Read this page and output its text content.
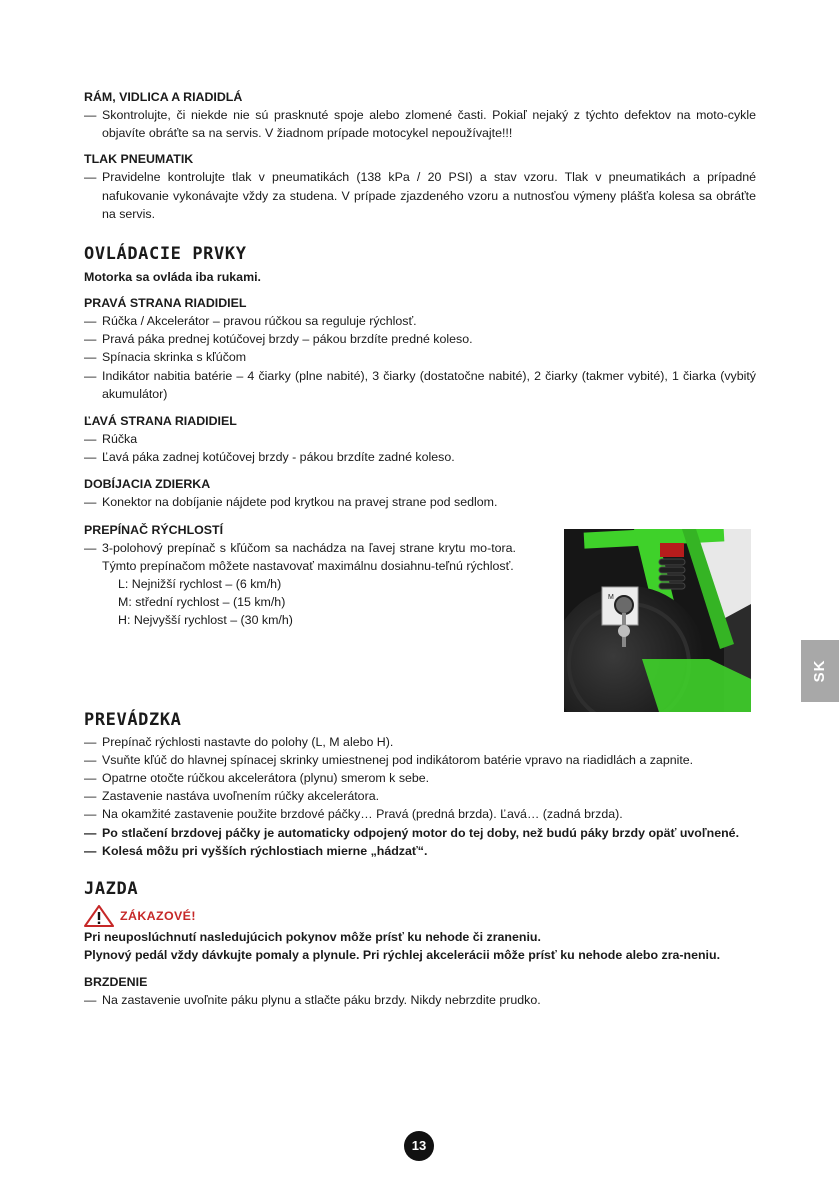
RÁM, VIDLICA A RIADIDLÁ

— Skontrolujte, či niekde nie sú prasknuté spoje alebo zlomené časti. Pokiaľ nejaký z týchto defektov na moto-cykle objavíte obráťte sa na servis. V žiadnom prípade motocykel nepoužívajte!!!

TLAK PNEUMATIK

— Pravidelne kontrolujte tlak v pneumatikách (138 kPa / 20 PSI) a stav vzoru. Tlak v pneumatikách a prípadné nafukovanie vykonávajte vždy za studena. V prípade zjazdeného vzoru a nutnosťou výmeny plášťa kolesa sa obráťte na servis.

OVLÁDACIE PRVKY

Motorka sa ovláda iba rukami.

PRAVÁ STRANA RIADIDIEL

— Rúčka / Akcelerátor – pravou rúčkou sa reguluje rýchlosť.
— Pravá páka prednej kotúčovej brzdy – pákou brzdíte predné koleso.
— Spínacia skrinka s kľúčom
— Indikátor nabitia batérie – 4 čiarky (plne nabité), 3 čiarky (dostatočne nabité), 2 čiarky (takmer vybité), 1 čiarka (vybitý akumulátor)

ĽAVÁ STRANA RIADIDIEL

— Rúčka
— Ľavá páka zadnej kotúčovej brzdy - pákou brzdíte zadné koleso.

DOBÍJACIA ZDIERKA

— Konektor na dobíjanie nájdete pod krytkou na pravej strane pod sedlom.

PREPÍNAČ RÝCHLOSTÍ

— 3-polohový prepínač s kľúčom sa nachádza na ľavej strane krytu mo-tora. Týmto prepínačom môžete nastavovať maximálnu dosiahnu-teľnú rýchlosť.
L: Nejnižší rychlost – (6 km/h)
M: střední rychlost – (15 km/h)
H: Nejvyšší rychlost – (30 km/h)

PREVÁDZKA

— Prepínač rýchlosti nastavte do polohy (L, M alebo H).
— Vsuňte kľúč do hlavnej spínacej skrinky umiestnenej pod indikátorom batérie vpravo na riadidlách a zapnite.
— Opatrne otočte rúčkou akcelerátora (plynu) smerom k sebe.
— Zastavenie nastáva uvoľnením rúčky akcelerátora.
— Na okamžité zastavenie použite brzdové páčky… Pravá (predná brzda). Ľavá… (zadná brzda).
— Po stlačení brzdovej páčky je automaticky odpojený motor do tej doby, než budú páky brzdy opäť uvoľnené.
— Kolesá môžu pri vyšších rýchlostiach mierne „hádzať“.

JAZDA

ZÁKAZOVÉ!

Pri neuposlúchnutí nasledujúcich pokynov môže prísť ku nehode či zraneniu.

Plynový pedál vždy dávkujte pomaly a plynule. Pri rýchlej akcelerácii môže prísť ku nehode alebo zra-neniu.

BRZDENIE

— Na zastavenie uvoľnite páku plynu a stlačte páku brzdy. Nikdy nebrzdite prudko.
M
SK
13
